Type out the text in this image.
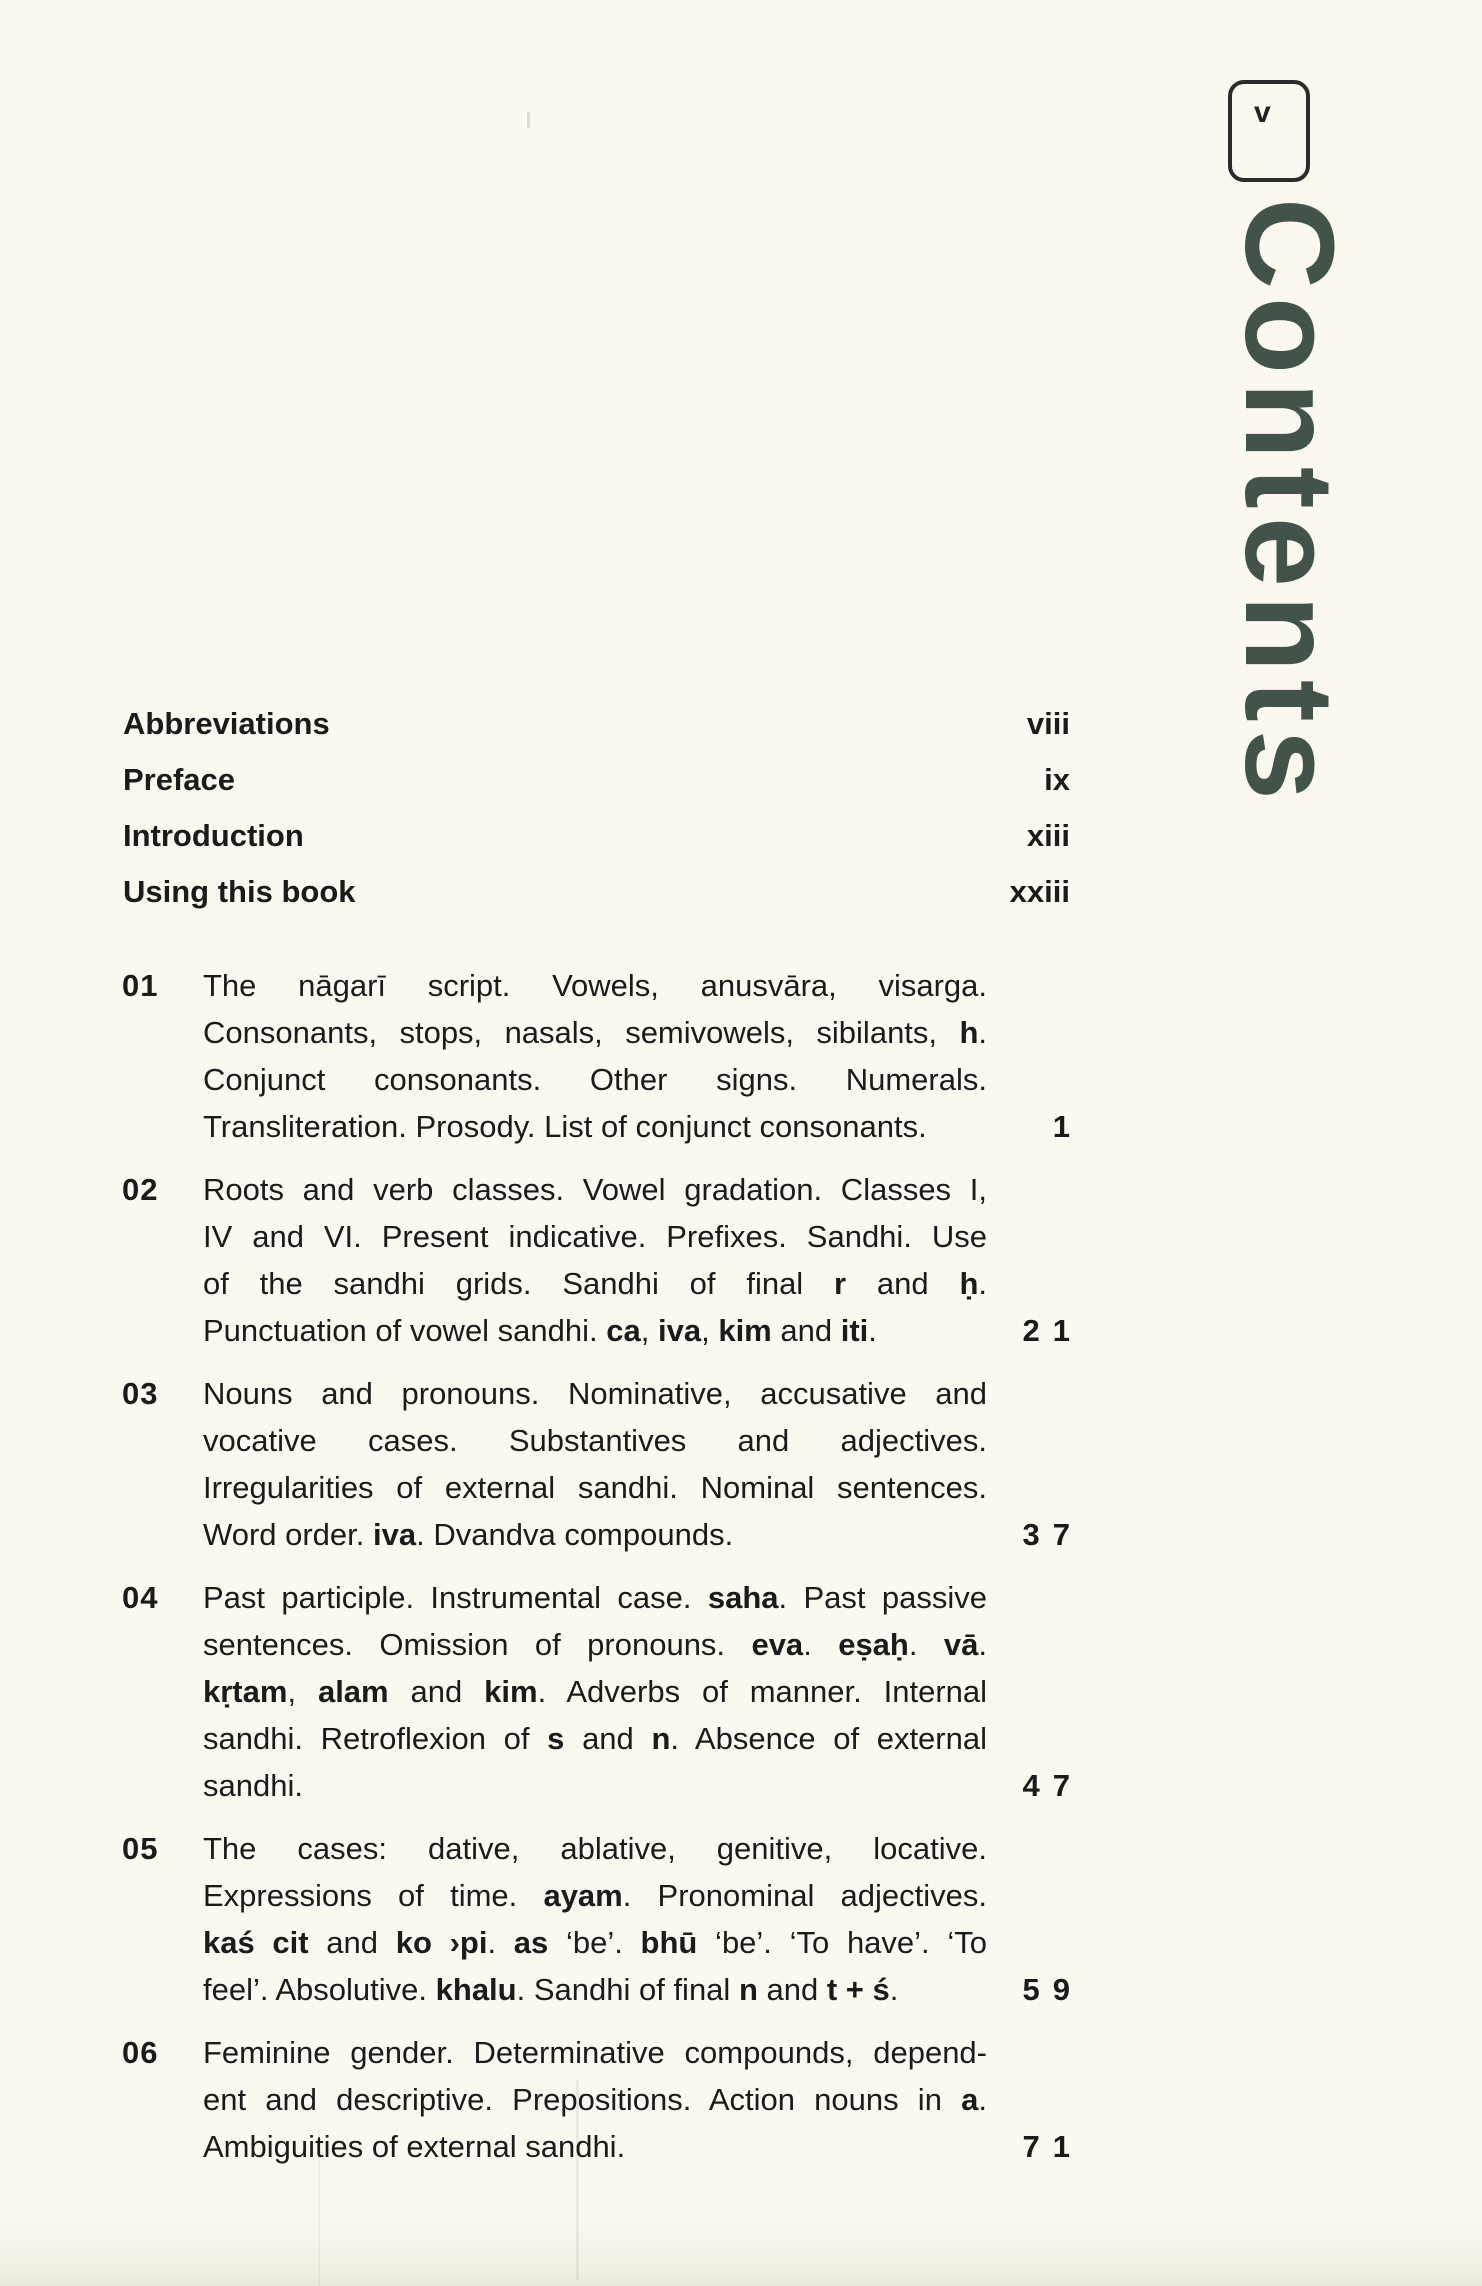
v
Contents
Abbreviations	viii
Preface	ix
Introduction	xiii
Using this book	xxiii
01 The nāgarī script. Vowels, anusvāra, visarga.
Consonants, stops, nasals, semivowels, sibilants, h.
Conjunct consonants. Other signs. Numerals.
Transliteration. Prosody. List of conjunct consonants.	1
02 Roots and verb classes. Vowel gradation. Classes I,
IV and VI. Present indicative. Prefixes. Sandhi. Use
of the sandhi grids. Sandhi of final r and ḥ.
Punctuation of vowel sandhi. ca, iva, kim and iti.	21
03 Nouns and pronouns. Nominative, accusative and
vocative cases. Substantives and adjectives.
Irregularities of external sandhi. Nominal sentences.
Word order. iva. Dvandva compounds.	37
04 Past participle. Instrumental case. saha. Past passive
sentences. Omission of pronouns. eva. eṣaḥ. vā.
kṛtam, alam and kim. Adverbs of manner. Internal
sandhi. Retroflexion of s and n. Absence of external
sandhi.	47
05 The cases: dative, ablative, genitive, locative.
Expressions of time. ayam. Pronominal adjectives.
kaś cit and ko ›pi. as ‘be’. bhū ‘be’. ‘To have’. ‘To
feel’. Absolutive. khalu. Sandhi of final n and t + ś.	59
06 Feminine gender. Determinative compounds, depend-
ent and descriptive. Prepositions. Action nouns in a.
Ambiguities of external sandhi.	71
